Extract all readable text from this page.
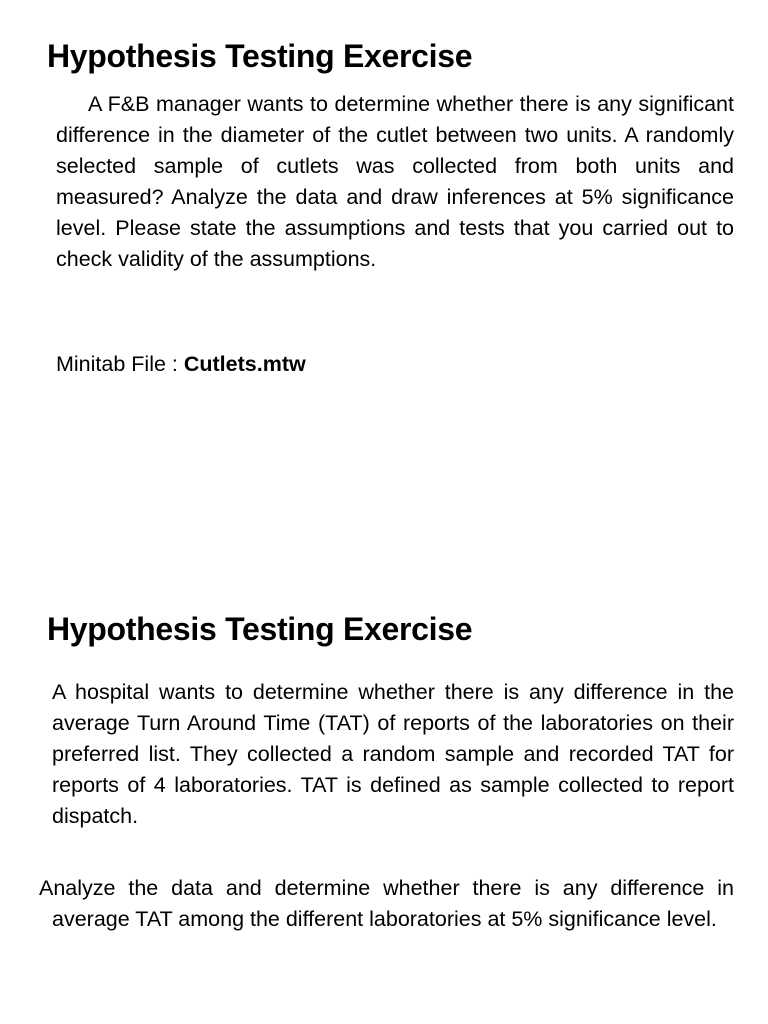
Hypothesis Testing Exercise

A F&B manager wants to determine whether there is any significant difference in the diameter of the cutlet between two units. A randomly selected sample of cutlets was collected from both units and measured? Analyze the data and draw inferences at 5% significance level. Please state the assumptions and tests that you carried out to check validity of the assumptions.

Minitab File : Cutlets.mtw

Hypothesis Testing Exercise

A hospital wants to determine whether there is any difference in the average Turn Around Time (TAT) of reports of the laboratories on their preferred list. They collected a random sample and recorded TAT for reports of 4 laboratories. TAT is defined as sample collected to report dispatch.

Analyze the data and determine whether there is any difference in average TAT among the different laboratories at 5% significance level.
